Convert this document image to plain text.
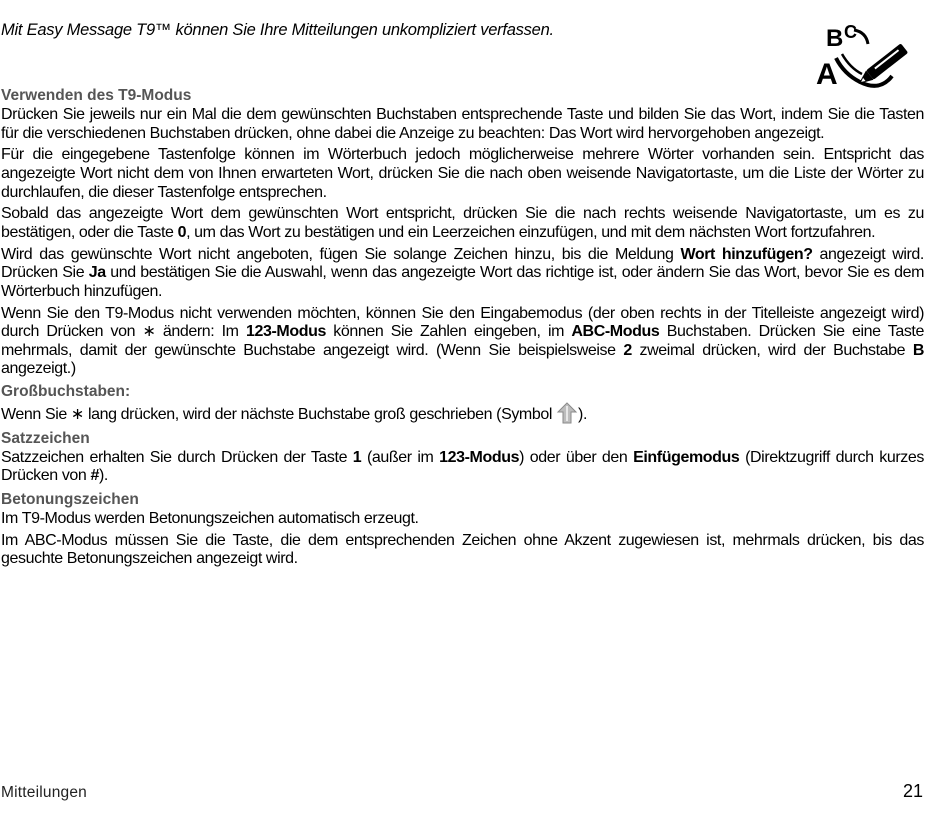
Mit Easy Message T9™ können Sie Ihre Mitteilungen unkompliziert verfassen.	B C
A
Verwenden des T9-Modus

Drücken Sie jeweils nur ein Mal die dem gewünschten Buchstaben entsprechende Taste und bilden Sie das Wort, indem Sie die Tasten für die verschiedenen Buchstaben drücken, ohne dabei die Anzeige zu beachten: Das Wort wird hervorgehoben angezeigt.

Für die eingegebene Tastenfolge können im Wörterbuch jedoch möglicherweise mehrere Wörter vorhanden sein. Entspricht das angezeigte Wort nicht dem von Ihnen erwarteten Wort, drücken Sie die nach oben weisende Navigatortaste, um die Liste der Wörter zu durchlaufen, die dieser Tastenfolge entsprechen.

Sobald das angezeigte Wort dem gewünschten Wort entspricht, drücken Sie die nach rechts weisende Navigatortaste, um es zu bestätigen, oder die Taste 0, um das Wort zu bestätigen und ein Leerzeichen einzufügen, und mit dem nächsten Wort fortzufahren.

Wird das gewünschte Wort nicht angeboten, fügen Sie solange Zeichen hinzu, bis die Meldung Wort hinzufügen? angezeigt wird. Drücken Sie Ja und bestätigen Sie die Auswahl, wenn das angezeigte Wort das richtige ist, oder ändern Sie das Wort, bevor Sie es dem Wörterbuch hinzufügen.

Wenn Sie den T9-Modus nicht verwenden möchten, können Sie den Eingabemodus (der oben rechts in der Titelleiste angezeigt wird) durch Drücken von ∗ ändern: Im 123-Modus können Sie Zahlen eingeben, im ABC-Modus Buchstaben. Drücken Sie eine Taste mehrmals, damit der gewünschte Buchstabe angezeigt wird. (Wenn Sie beispielsweise 2 zweimal drücken, wird der Buchstabe B angezeigt.)

Großbuchstaben:

Wenn Sie ∗ lang drücken, wird der nächste Buchstabe groß geschrieben (Symbol ).

Satzzeichen

Satzzeichen erhalten Sie durch Drücken der Taste 1 (außer im 123-Modus) oder über den Einfügemodus (Direktzugriff durch kurzes Drücken von #).

Betonungszeichen

Im T9-Modus werden Betonungszeichen automatisch erzeugt.

Im ABC-Modus müssen Sie die Taste, die dem entsprechenden Zeichen ohne Akzent zugewiesen ist, mehrmals drücken, bis das gesuchte Betonungszeichen angezeigt wird.

Mitteilungen	21
